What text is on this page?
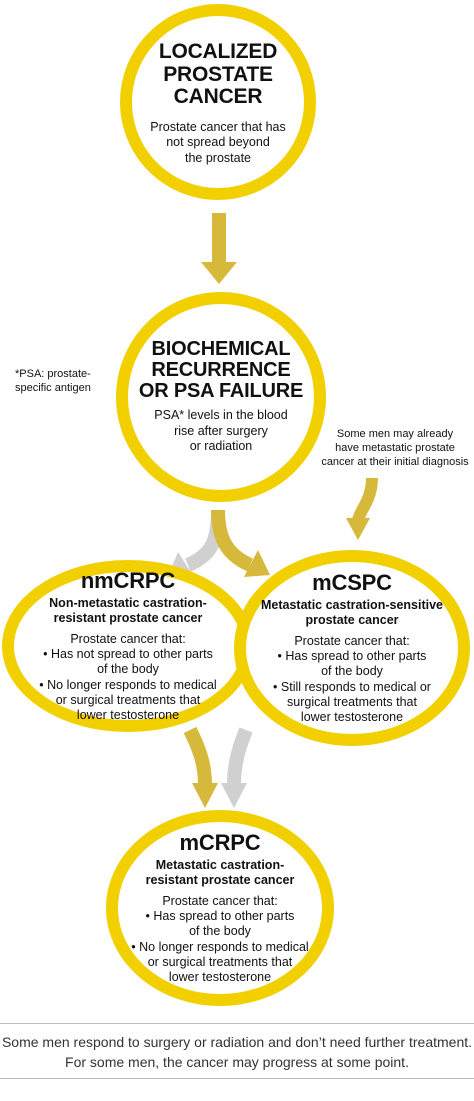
LOCALIZED
PROSTATE CANCER
Prostate cancer that has
not spread beyond
the prostate
*PSA: prostate-
specific antigen
BIOCHEMICAL
RECURRENCE
OR PSA FAILURE
PSA* levels in the blood
rise after surgery
or radiation
Some men may already
have metastatic prostate
cancer at their initial diagnosis
nmCRPC
Non-metastatic castration-
resistant prostate cancer
Prostate cancer that:
• Has not spread to other parts
of the body
• No longer responds to medical
or surgical treatments that
lower testosterone
mCSPC
Metastatic castration-sensitive
prostate cancer
Prostate cancer that:
• Has spread to other parts
of the body
• Still responds to medical or
surgical treatments that
lower testosterone
mCRPC
Metastatic castration-
resistant prostate cancer
Prostate cancer that:
• Has spread to other parts
of the body
• No longer responds to medical
or surgical treatments that
lower testosterone
Some men respond to surgery or radiation and don’t need further treatment.
For some men, the cancer may progress at some point.
